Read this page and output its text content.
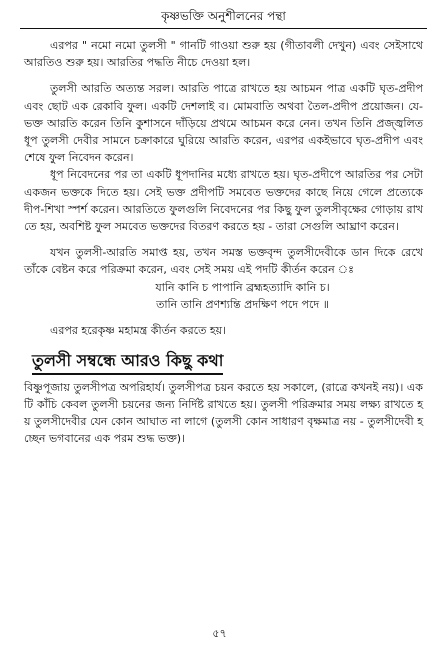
কৃষ্ণভক্তি অনুশীলনের পন্থা

এরপর " নমো নমো তুলসী " গানটি গাওয়া শুরু হয় (গীতাবলী দেখুন) এবং সেইসাথে আরতিও শুরু হয়। আরতির পদ্ধতি নীচে দেওয়া হল।

তুলসী আরতি অত্যন্ত সরল। আরতি পাত্রে রাখতে হয় আচমন পাত্র একটি ঘৃত-প্রদীপ এবং ছোট এক রেকাবি ফুল। একটি দেশলাই ব। মোমবাতি অথবা তৈল-প্রদীপ প্রয়োজন। যে-ভক্ত আরতি করেন তিনি কুশাসনে দাঁড়িয়ে প্রথমে আচমন করে নেন। তখন তিনি প্রজ্জ্বলিত ধূপ তুলসী দেবীর সামনে চক্রাকারে ঘুরিয়ে আরতি করেন, এরপর একইভাবে ঘৃত-প্রদীপ এবং শেষে ফুল নিবেদন করেন।

ধূপ নিবেদনের পর তা একটি ধূপদানির মধ্যে রাখতে হয়। ঘৃত-প্রদীপে আরতির পর সেটা একজন ভক্তকে দিতে হয়। সেই ভক্ত প্রদীপটি সমবেত ভক্তদের কাছে নিয়ে গেলে প্রত্যেকে দীপ-শিখা স্পর্শ করেন। আরতিতে ফুলগুলি নিবেদনের পর কিছু ফুল তুলসীবৃক্ষের গোড়ায় রাখতে হয়, অবশিষ্ট ফুল সমবেত ভক্তদের বিতরণ করতে হয় - তারা সেগুলি আঘ্রাণ করেন।

যখন তুলসী-আরতি সমাপ্ত হয়, তখন সমস্ত ভক্তবৃন্দ তুলসীদেবীকে ডান দিকে রেখে তাঁকে বেষ্টন করে পরিক্রমা করেন, এবং সেই সময় এই পদটি কীর্তন করেন ঃ

যানি কানি চ পাপানি ব্রহ্মহত্যাদি কানি চ।
তানি তানি প্রণশ্যন্তি প্রদক্ষিণ পদে পদে ॥

এরপর হরেকৃষ্ণ মহামন্ত্র কীর্তন করতে হয়।

তুলসী সম্বন্ধে আরও কিছু কথা

বিষ্ণুপূজায় তুলসীপত্র অপরিহার্য। তুলসীপত্র চয়ন করতে হয় সকালে, (রাত্রে কখনই নয়)। একটি কাঁচি কেবল তুলসী চয়নের জন্য নির্দিষ্ট রাখতে হয়। তুলসী পরিক্রমার সময় লক্ষ্য রাখতে হয় তুলসীদেবীর যেন কোন আঘাত না লাগে (তুলসী কোন সাধারণ বৃক্ষমাত্র নয় - তুলসীদেবী হচ্ছেন ভগবানের এক পরম শুদ্ধ ভক্ত)।

৫৭
